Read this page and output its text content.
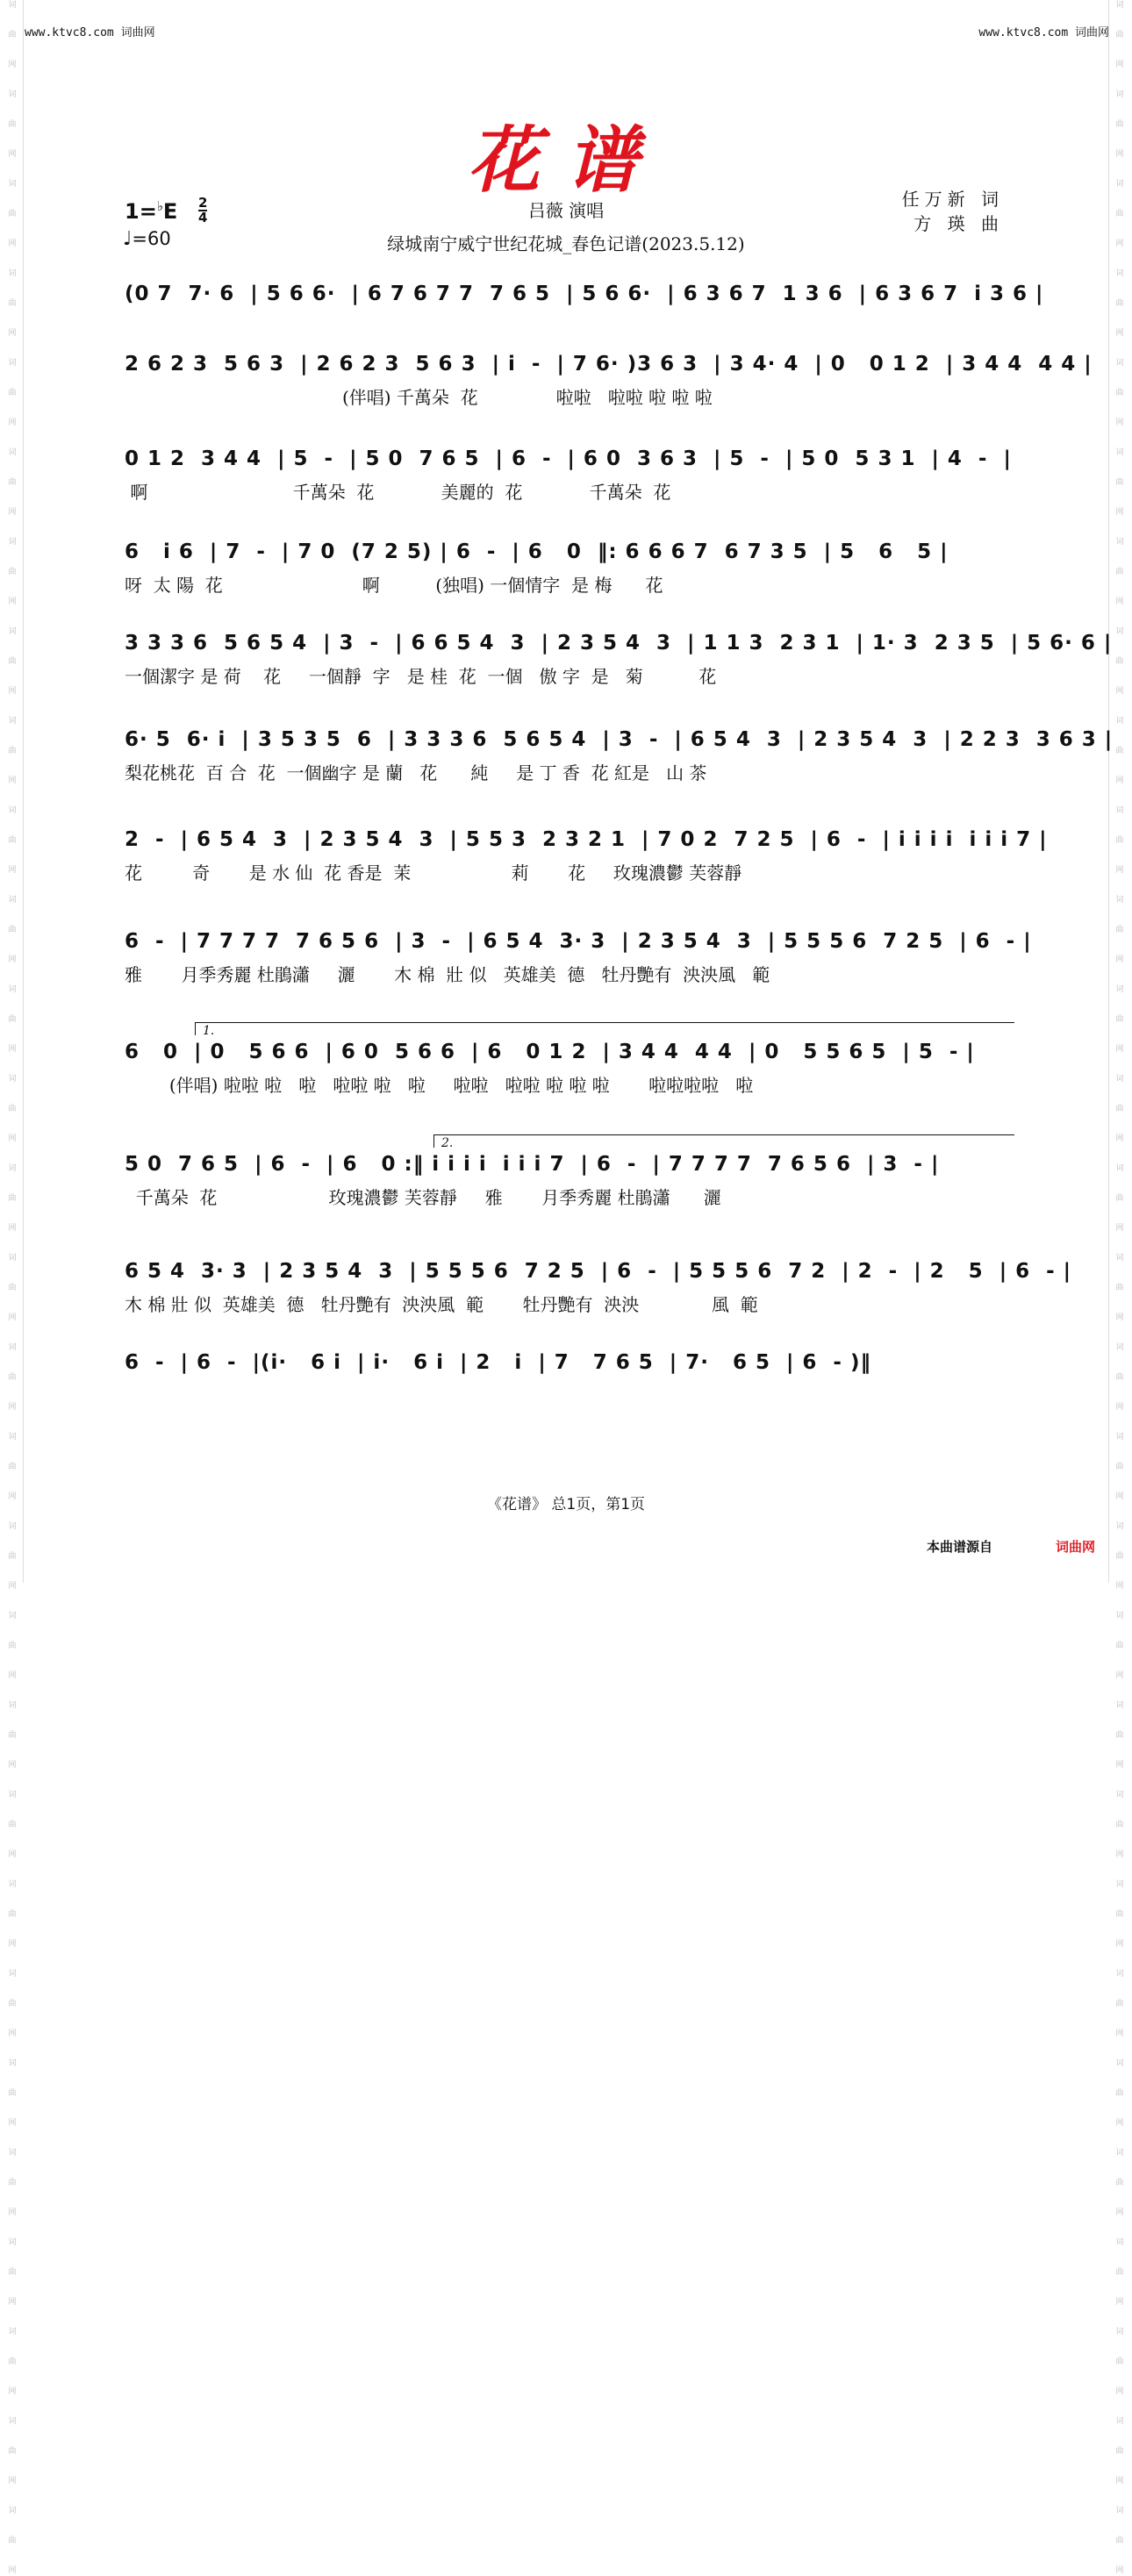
词
曲
网
词
曲
网
词
曲
网
词
曲
网
词
曲
网
词
曲
网
词
曲
网
词
曲
网
词
曲
网
词
曲
网
词
曲
网
词
曲
网
词
曲
网
词
曲
网
词
曲
网
词
曲
网
词
曲
网
词
曲
网
词
曲
网
词
曲
网
词
曲
网
词
曲
网
词
曲
网
词
曲
网
词
曲
网
词
曲
网
词
曲
网
词
曲
网
词
曲
网
词
曲
网
词
曲
网
词
曲
网
词
曲
网
词
曲
网
词
曲
网
词
曲
网
词
曲
网
词
曲
网
词
曲
网
词
曲
网
词
曲
网
词
曲
网
词
曲
网
词
曲
网
词
曲
网
词
曲
网
词
曲
网
词
曲
网
词
曲
网
词
曲
网
词
曲
网
词
曲
网
词
曲
网
词
曲
网
词
曲
网
词
曲
网
词
曲
网
词
曲
网
www.ktvc8.com 词曲网	www.ktvc8.com 词曲网
花谱
$1=^♭E \frac{2}{4}$
♩=60
吕薇 演唱
绿城南宁威宁世纪花城_春色记谱(2023.5.12)
任万新 词
方 瑛 曲
(0 7  7· 6  | 5 6 6·  | 6 7 6 7 7  7 6 5  | 5 6 6·  | 6 3 6 7  1 3 6  | 6 3 6 7  i 3 6 |
2 6 2 3  5 6 3  | 2 6 2 3  5 6 3  | i  -  | 7 6· )3 6 3  | 3 4· 4  | 0   0 1 2  | 3 4 4  4 4 |
(伴唱) 千萬朵  花              啦啦   啦啦 啦 啦 啦
0 1 2  3 4 4  | 5  -  | 5 0  7 6 5  | 6  -  | 6 0  3 6 3  | 5  -  | 5 0  5 3 1  | 4  -  |
啊                          千萬朵  花            美麗的  花            千萬朵  花
6   i 6  | 7  -  | 7 0  (7 2 5) | 6  -  | 6   0  ‖: 6 6 6 7  6 7 3 5  | 5   6   5 |
呀  太 陽  花                         啊          (独唱) 一個情字  是 梅      花
3 3 3 6  5 6 5 4  | 3  -  | 6 6 5 4  3  | 2 3 5 4  3  | 1 1 3  2 3 1  | 1· 3  2 3 5  | 5 6· 6 |
一個潔字 是 荷    花     一個靜  字   是 桂  花  一個   傲 字  是   菊          花
6· 5  6· i  | 3 5 3 5  6  | 3 3 3 6  5 6 5 4  | 3  -  | 6 5 4  3  | 2 3 5 4  3  | 2 2 3  3 6 3 |
梨花桃花  百 合  花  一個幽字 是 蘭   花      純     是 丁 香  花 紅是   山 茶
2  -  | 6 5 4  3  | 2 3 5 4  3  | 5 5 3  2 3 2 1  | 7 0 2  7 2 5  | 6  -  | i i i i  i i i 7 |
花         奇       是 水 仙  花 香是  茉                  莉       花     玫瑰濃鬱 芙蓉靜
6  -  | 7 7 7 7  7 6 5 6  | 3  -  | 6 5 4  3· 3  | 2 3 5 4  3  | 5 5 5 6  7 2 5  | 6  - |
雅       月季秀麗 杜鵑瀟     灑       木 棉  壯 似   英雄美  德   牡丹艷有  泱泱風   範
6   0  | 0   5 6 6  | 6 0  5 6 6  | 6   0 1 2  | 3 4 4  4 4  | 0   5 5 6 5  | 5  - |
(伴唱) 啦啦 啦   啦   啦啦 啦   啦     啦啦   啦啦 啦 啦 啦       啦啦啦啦   啦
5 0  7 6 5  | 6  -  | 6   0 :‖ i i i i  i i i 7  | 6  -  | 7 7 7 7  7 6 5 6  | 3  - |
千萬朵  花                    玫瑰濃鬱 芙蓉靜     雅       月季秀麗 杜鵑瀟      灑
6 5 4  3· 3  | 2 3 5 4  3  | 5 5 5 6  7 2 5  | 6  -  | 5 5 5 6  7 2  | 2  -  | 2   5  | 6  - |
木 棉 壯 似  英雄美  德   牡丹艷有  泱泱風  範       牡丹艷有  泱泱             風  範
6  -  | 6  -  |(i·   6 i  | i·   6 i  | 2   i  | 7   7 6 5  | 7·   6 5  | 6  - )‖
1.
2.
《花谱》 总1页，第1页
本曲谱源自	词曲网
